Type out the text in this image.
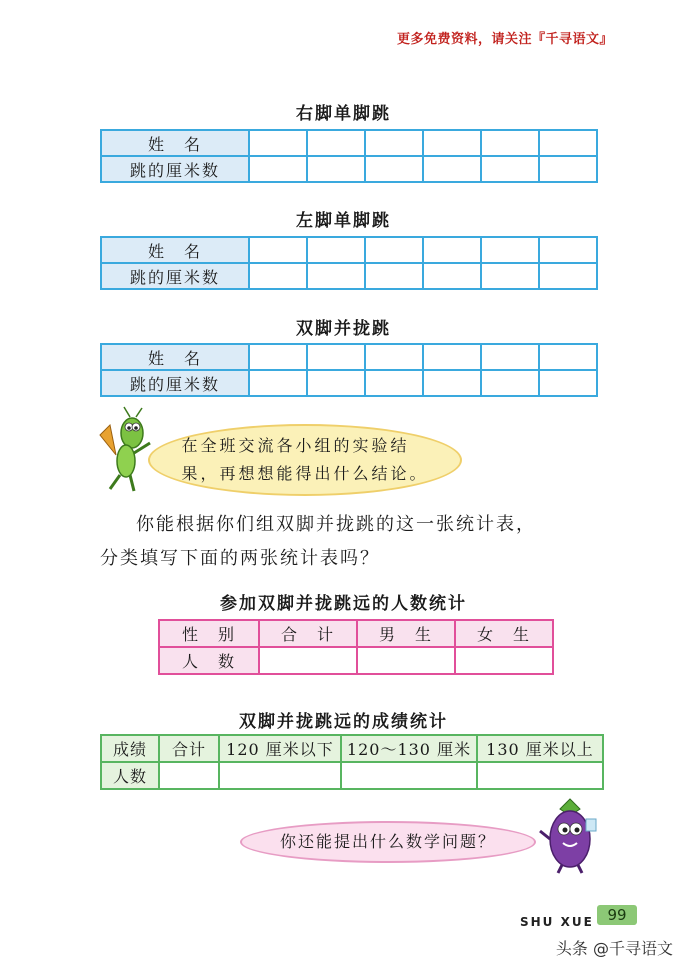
更多免费资料，请关注『千寻语文』
右脚单脚跳
姓　名						
跳的厘米数						
左脚单脚跳
姓　名						
跳的厘米数						
双脚并拢跳
姓　名						
跳的厘米数						
在全班交流各小组的实验结
果，再想想能得出什么结论。
你能根据你们组双脚并拢跳的这一张统计表，
分类填写下面的两张统计表吗？
参加双脚并拢跳远的人数统计
性　别	合　计	男　生	女　生
人　数			
双脚并拢跳远的成绩统计
成绩	合计	120 厘米以下	120～130 厘米	130 厘米以上
人数				
你还能提出什么数学问题？
SHU XUE 99
头条 @千寻语文
